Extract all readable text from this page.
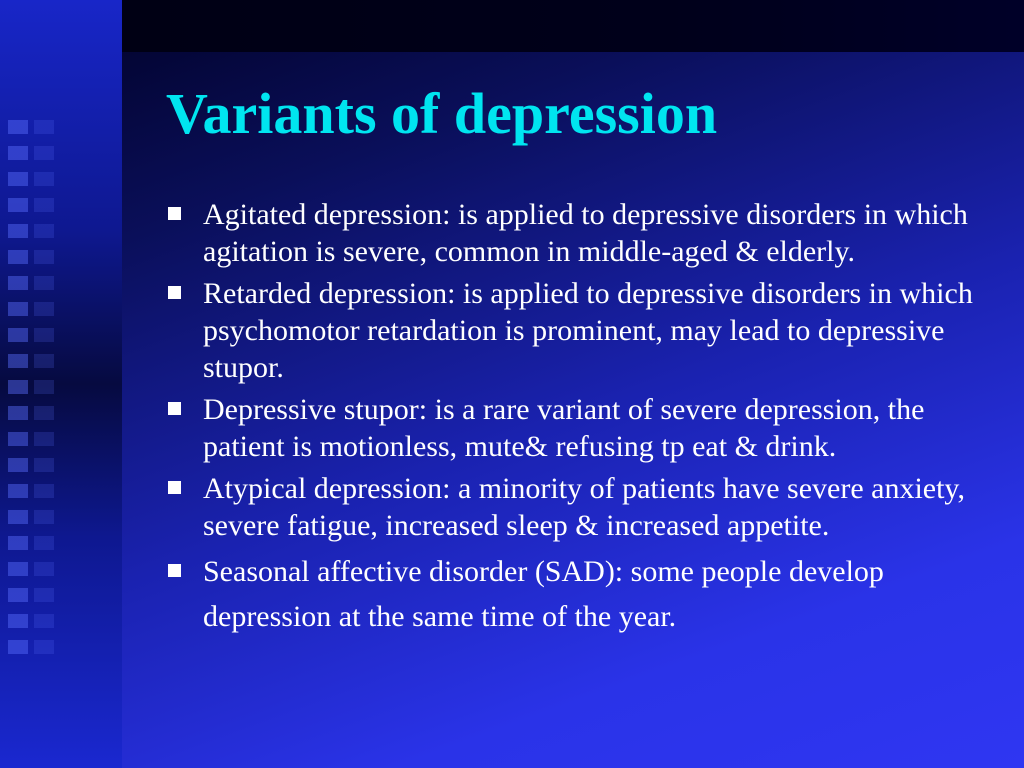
Variants of depression
Agitated depression: is applied to depressive disorders in which agitation is severe, common in middle-aged & elderly.
Retarded depression: is applied to depressive disorders in which psychomotor retardation is prominent, may lead to depressive stupor.
Depressive stupor: is a rare variant of severe depression, the patient is motionless, mute& refusing tp eat & drink.
Atypical depression: a minority of patients have severe anxiety, severe fatigue, increased sleep & increased appetite.
Seasonal affective disorder (SAD): some people develop depression at the same time of the year.
